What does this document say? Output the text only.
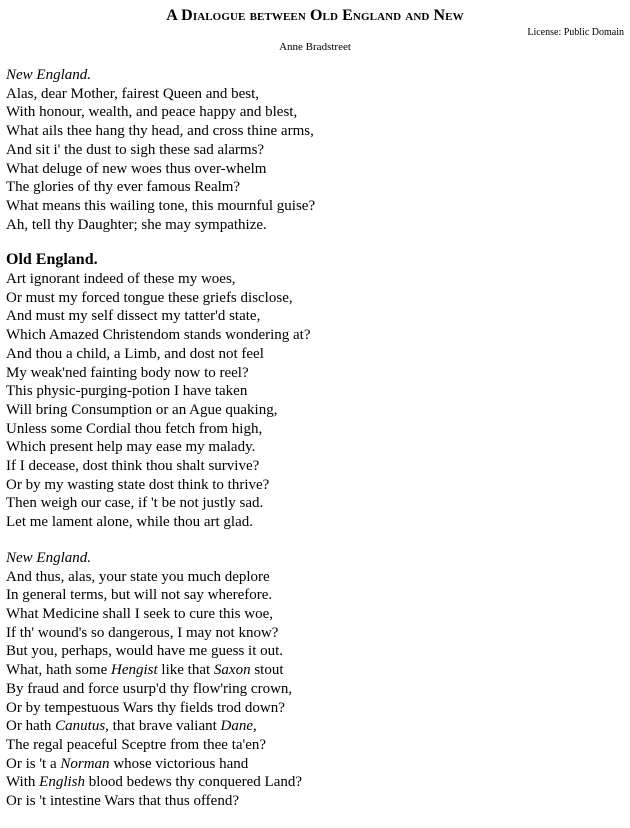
A Dialogue between Old England and New
License: Public Domain
Anne Bradstreet
New England.
Alas, dear Mother, fairest Queen and best,
With honour, wealth, and peace happy and blest,
What ails thee hang thy head, and cross thine arms,
And sit i' the dust to sigh these sad alarms?
What deluge of new woes thus over-whelm
The glories of thy ever famous Realm?
What means this wailing tone, this mournful guise?
Ah, tell thy Daughter; she may sympathize.
Old England.
Art ignorant indeed of these my woes,
Or must my forced tongue these griefs disclose,
And must my self dissect my tatter'd state,
Which Amazed Christendom stands wondering at?
And thou a child, a Limb, and dost not feel
My weak'ned fainting body now to reel?
This physic-purging-potion I have taken
Will bring Consumption or an Ague quaking,
Unless some Cordial thou fetch from high,
Which present help may ease my malady.
If I decease, dost think thou shalt survive?
Or by my wasting state dost think to thrive?
Then weigh our case, if 't be not justly sad.
Let me lament alone, while thou art glad.
New England.
And thus, alas, your state you much deplore
In general terms, but will not say wherefore.
What Medicine shall I seek to cure this woe,
If th' wound's so dangerous, I may not know?
But you, perhaps, would have me guess it out.
What, hath some Hengist like that Saxon stout
By fraud and force usurp'd thy flow'ring crown,
Or by tempestuous Wars thy fields trod down?
Or hath Canutus, that brave valiant Dane,
The regal peaceful Sceptre from thee ta'en?
Or is 't a Norman whose victorious hand
With English blood bedews thy conquered Land?
Or is 't intestine Wars that thus offend?
